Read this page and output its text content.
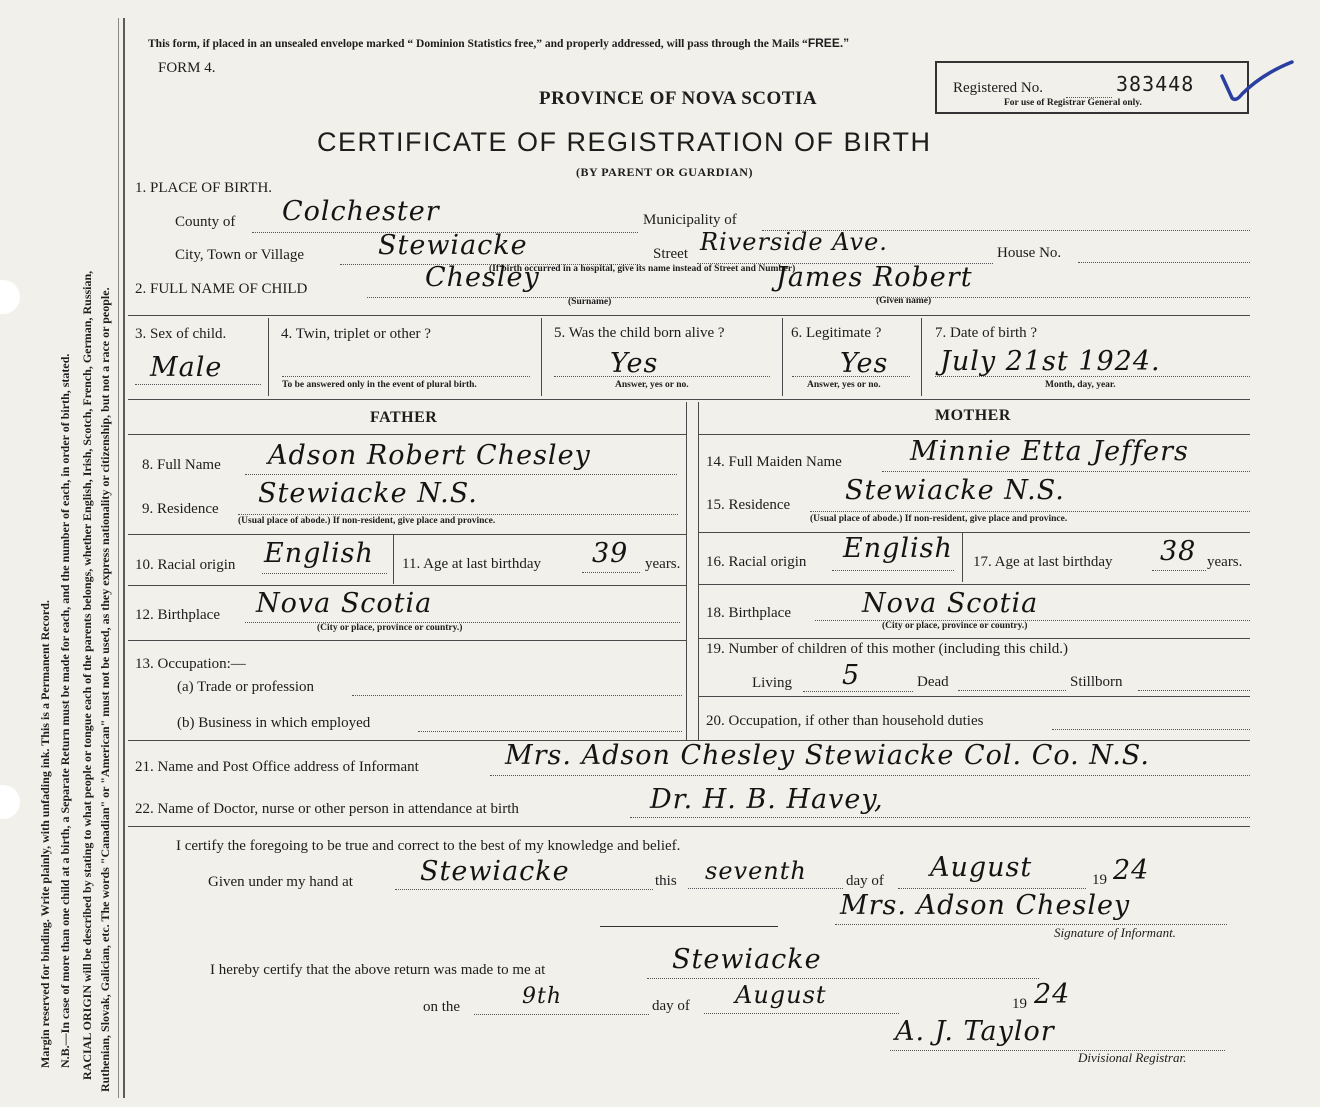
Margin reserved for binding. Write plainly, with unfading ink. This is a Permanent Record. N.B.—In case of more than one child at a birth, a Separate Return must be made for each, and the number of each, in order of birth, stated. RACIAL ORIGIN will be described by stating to what people or tongue each of the parents belongs, whether English, Irish, Scotch, French, German, Russian, Ruthenian, Slovak, Galician, etc. The words "Canadian" or "American" must not be used, as they express nationality or citizenship, but not a race or people.
This form, if placed in an unsealed envelope marked “ Dominion Statistics free,” and properly addressed, will pass through the Mails “FREE.”
FORM 4.
PROVINCE OF NOVA SCOTIA
CERTIFICATE OF REGISTRATION OF BIRTH
(BY PARENT OR GUARDIAN)
Registered No.	383448
For use of Registrar General only.
1. PLACE OF BIRTH.
County of Colchester	Municipality of
City, Town or Village	Stewiacke	Street Riverside Ave.	House No.
(If birth occurred in a hospital, give its name instead of Street and Number)
2. FULL NAME OF CHILD	Chesley
(Surname)
James Robert
(Given name)
3. Sex of child.
Male
4. Twin, triplet or other ?
To be answered only in the event of plural birth.
5. Was the child born alive ?
Yes
Answer, yes or no.
6. Legitimate ?
Yes
Answer, yes or no.
7. Date of birth ?
July 21st 1924.
Month, day, year.
FATHER	MOTHER
8. Full Name Adson Robert Chesley
9. Residence Stewiacke N.S.
(Usual place of abode.) If non-resident, give place and province.
10. Racial origin English 11. Age at last birthday 39 years.
12. Birthplace Nova Scotia
(City or place, province or country.)
13. Occupation:—
(a) Trade or profession
(b) Business in which employed
14. Full Maiden Name	Minnie Etta Jeffers
15. Residence Stewiacke N.S.
(Usual place of abode.) If non-resident, give place and province.
16. Racial origin English 17. Age at last birthday 38 years.
18. Birthplace	Nova Scotia
(City or place, province or country.)
19. Number of children of this mother (including this child.)
Living 5	Dead	Stillborn
20. Occupation, if other than household duties
21. Name and Post Office address of Informant	Mrs. Adson Chesley Stewiacke Col. Co. N.S.
22. Name of Doctor, nurse or other person in attendance at birth	Dr. H. B. Havey,
I certify the foregoing to be true and correct to the best of my knowledge and belief.
Given under my hand at Stewiacke	this seventh	day of August	19 24
Mrs. Adson Chesley
Signature of Informant.
I hereby certify that the above return was made to me at	Stewiacke
on the	9th	day of August	19 24
A. J. Taylor
Divisional Registrar.
